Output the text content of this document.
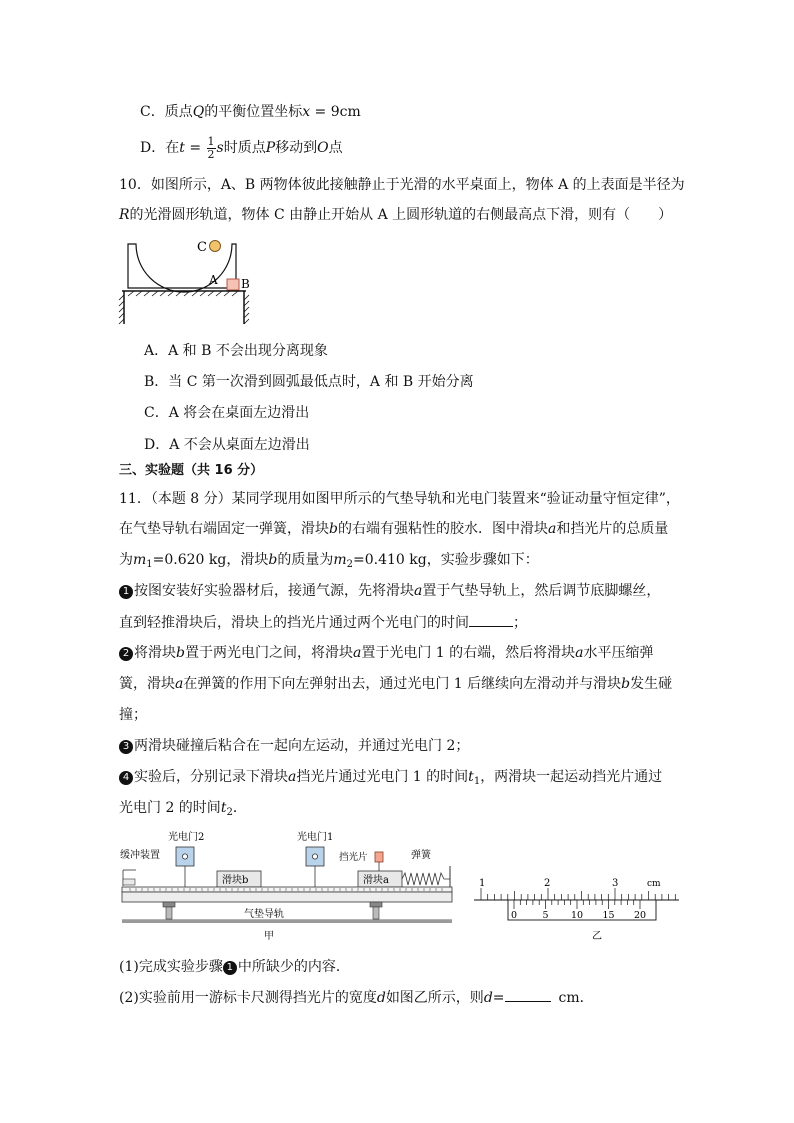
C．质点Q的平衡位置坐标x = 9cm
D．在$t = \frac{1}{2}$ s时质点P移动到O点
10．如图所示，A、B 两物体彼此接触静止于光滑的水平桌面上，物体 A 的上表面是半径为
R的光滑圆形轨道，物体 C 由静止开始从 A 上圆形轨道的右侧最高点下滑，则有（　　）
C
A B
A．A 和 B 不会出现分离现象
B．当 C 第一次滑到圆弧最低点时，A 和 B 开始分离
C．A 将会在桌面左边滑出
D．A 不会从桌面左边滑出
三、实验题（共 16 分）
11．（本题 8 分）某同学现用如图甲所示的气垫导轨和光电门装置来“验证动量守恒定律”，
在气垫导轨右端固定一弹簧，滑块b的右端有强粘性的胶水．图中滑块a和挡光片的总质量
为$m_1=0.620$ kg，滑块b的质量为$m_2=0.410$ kg，实验步骤如下：
1 按图安装好实验器材后，接通气源，先将滑块a置于气垫导轨上，然后调节底脚螺丝，
直到轻推滑块后，滑块上的挡光片通过两个光电门的时间	；
2 将滑块b置于两光电门之间，将滑块a置于光电门 1 的右端，然后将滑块a水平压缩弹
簧，滑块a在弹簧的作用下向左弹射出去，通过光电门 1 后继续向左滑动并与滑块b发生碰
撞；
3 两滑块碰撞后粘合在一起向左运动，并通过光电门 2；
4 实验后，分别记录下滑块a挡光片通过光电门 1 的时间$t_1$，两滑块一起运动挡光片通过
光电门 2 的时间$t_2$．
光电门2	光电门1
缓冲装置	挡光片	弹簧
滑块b	滑块a
气垫导轨
甲
1	2	3	cm
0	5 10 15 20
乙
(1)完成实验步骤 1 中所缺少的内容．
(2)实验前用一游标卡尺测得挡光片的宽度d如图乙所示，则d=	cm．
